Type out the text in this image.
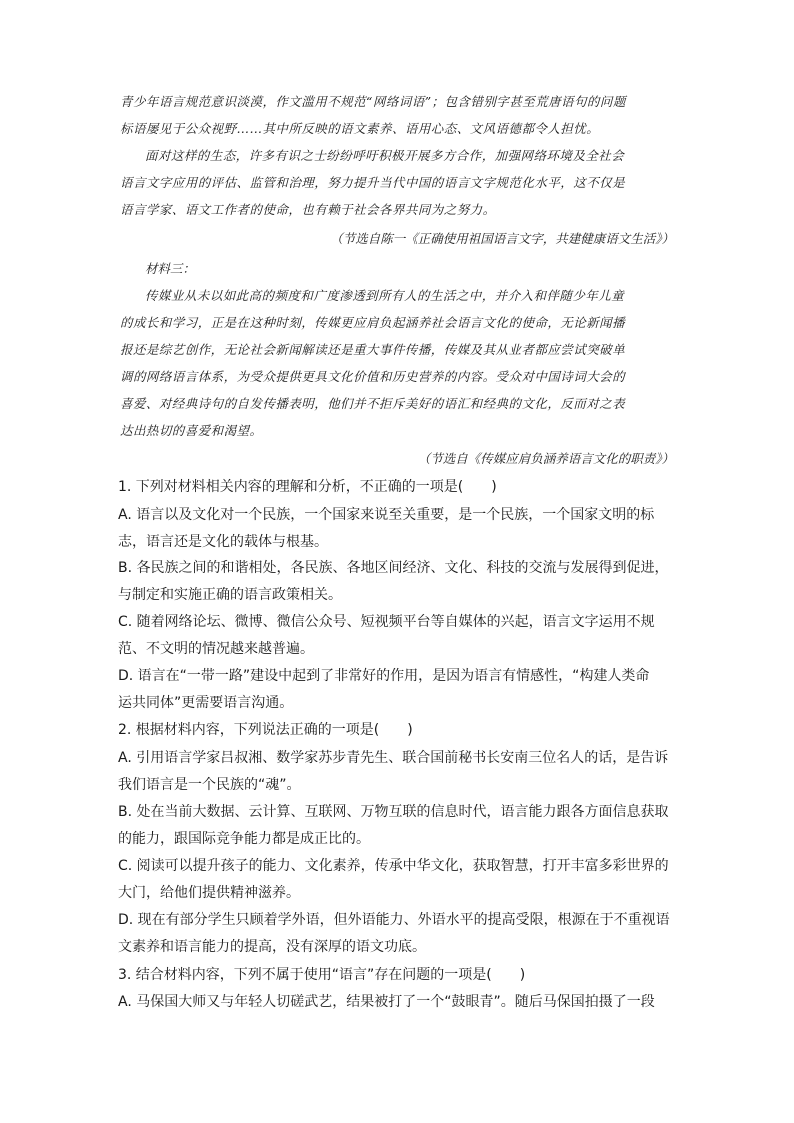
青少年语言规范意识淡漠，作文滥用不规范“网络词语”；包含错别字甚至荒唐语句的问题

标语屡见于公众视野……其中所反映的语文素养、语用心态、文风语德都令人担忧。

面对这样的生态，许多有识之士纷纷呼吁积极开展多方合作，加强网络环境及全社会

语言文字应用的评估、监管和治理，努力提升当代中国的语言文字规范化水平，这不仅是

语言学家、语文工作者的使命，也有赖于社会各界共同为之努力。

（节选自陈一《正确使用祖国语言文字，共建健康语文生活》）

材料三：

传媒业从未以如此高的频度和广度渗透到所有人的生活之中，并介入和伴随少年儿童

的成长和学习，正是在这种时刻，传媒更应肩负起涵养社会语言文化的使命，无论新闻播

报还是综艺创作，无论社会新闻解读还是重大事件传播，传媒及其从业者都应尝试突破单

调的网络语言体系，为受众提供更具文化价值和历史营养的内容。受众对中国诗词大会的

喜爱、对经典诗句的自发传播表明，他们并不拒斥美好的语汇和经典的文化，反而对之表

达出热切的喜爱和渴望。

（节选自《传媒应肩负涵养语言文化的职责》）

1. 下列对材料相关内容的理解和分析，不正确的一项是(　　)

A. 语言以及文化对一个民族，一个国家来说至关重要，是一个民族，一个国家文明的标

志，语言还是文化的载体与根基。

B. 各民族之间的和谐相处，各民族、各地区间经济、文化、科技的交流与发展得到促进，

与制定和实施正确的语言政策相关。

C. 随着网络论坛、微博、微信公众号、短视频平台等自媒体的兴起，语言文字运用不规

范、不文明的情况越来越普遍。

D. 语言在“一带一路”建设中起到了非常好的作用，是因为语言有情感性，“构建人类命

运共同体”更需要语言沟通。

2. 根据材料内容，下列说法正确的一项是(　　)

A. 引用语言学家吕叔湘、数学家苏步青先生、联合国前秘书长安南三位名人的话，是告诉

我们语言是一个民族的“魂”。

B. 处在当前大数据、云计算、互联网、万物互联的信息时代，语言能力跟各方面信息获取

的能力，跟国际竞争能力都是成正比的。

C. 阅读可以提升孩子的能力、文化素养，传承中华文化，获取智慧，打开丰富多彩世界的

大门，给他们提供精神滋养。

D. 现在有部分学生只顾着学外语，但外语能力、外语水平的提高受限，根源在于不重视语

文素养和语言能力的提高，没有深厚的语文功底。

3. 结合材料内容，下列不属于使用“语言”存在问题的一项是(　　)

A. 马保国大师又与年轻人切磋武艺，结果被打了一个“鼓眼青”。随后马保国拍摄了一段
